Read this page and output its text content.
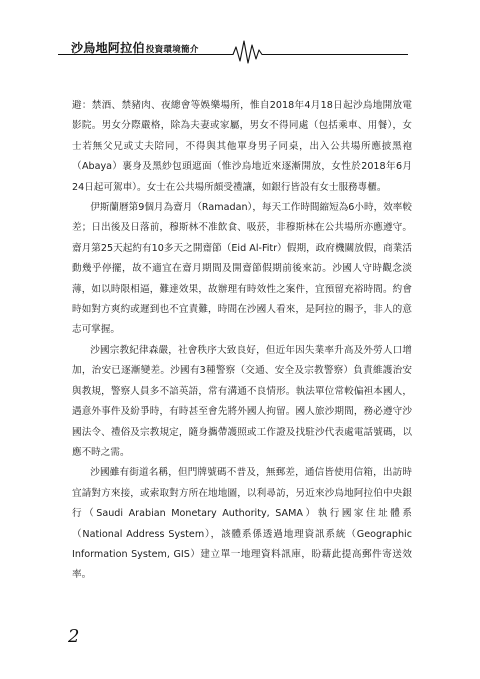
沙烏地阿拉伯投資環境簡介

避：禁酒、禁豬肉、夜總會等娛樂場所，惟自2018年4月18日起沙烏地開放電影院。男女分際嚴格，除為夫妻或家屬，男女不得同處（包括乘車、用餐），女士若無父兄或丈夫陪同，不得與其他單身男子同桌，出入公共場所應披黑袍（Abaya）裹身及黑紗包頭遮面（惟沙烏地近來逐漸開放，女性於2018年6月24日起可駕車）。女士在公共場所頗受禮讓，如銀行皆設有女士服務專櫃。

伊斯蘭曆第9個月為齋月（Ramadan），每天工作時間縮短為6小時，效率較差；日出後及日落前，穆斯林不准飲食、吸菸，非穆斯林在公共場所亦應遵守。齋月第25天起約有10多天之開齋節（Eid Al-Fitr）假期，政府機關放假，商業活動幾乎停擺，故不適宜在齋月期間及開齋節假期前後來訪。沙國人守時觀念淡薄，如以時限相逼，難達效果，故辦理有時效性之案件，宜預留充裕時間。約會時如對方爽約或遲到也不宜責難，時間在沙國人看來，是阿拉的賜予，非人的意志可掌握。

沙國宗教紀律森嚴，社會秩序大致良好，但近年因失業率升高及外勞人口增加，治安已逐漸變差。沙國有3種警察（交通、安全及宗教警察）負責維護治安與教規，警察人員多不諳英語，常有溝通不良情形。執法單位常較偏袒本國人，遇意外事件及紛爭時，有時甚至會先將外國人拘留。國人旅沙期間，務必遵守沙國法令、禮俗及宗教規定，隨身攜帶護照或工作證及找駐沙代表處電話號碼，以應不時之需。

沙國雖有街道名稱，但門牌號碼不普及，無郵差，通信皆使用信箱，出訪時宜請對方來接，或索取對方所在地地圖，以利尋訪，另近來沙烏地阿拉伯中央銀行（Saudi Arabian Monetary Authority, SAMA）執行國家住址體系（National Address System），該體系係透過地理資訊系統（Geographic Information System, GIS）建立單一地理資料訊庫，盼藉此提高郵件寄送效率。

2
